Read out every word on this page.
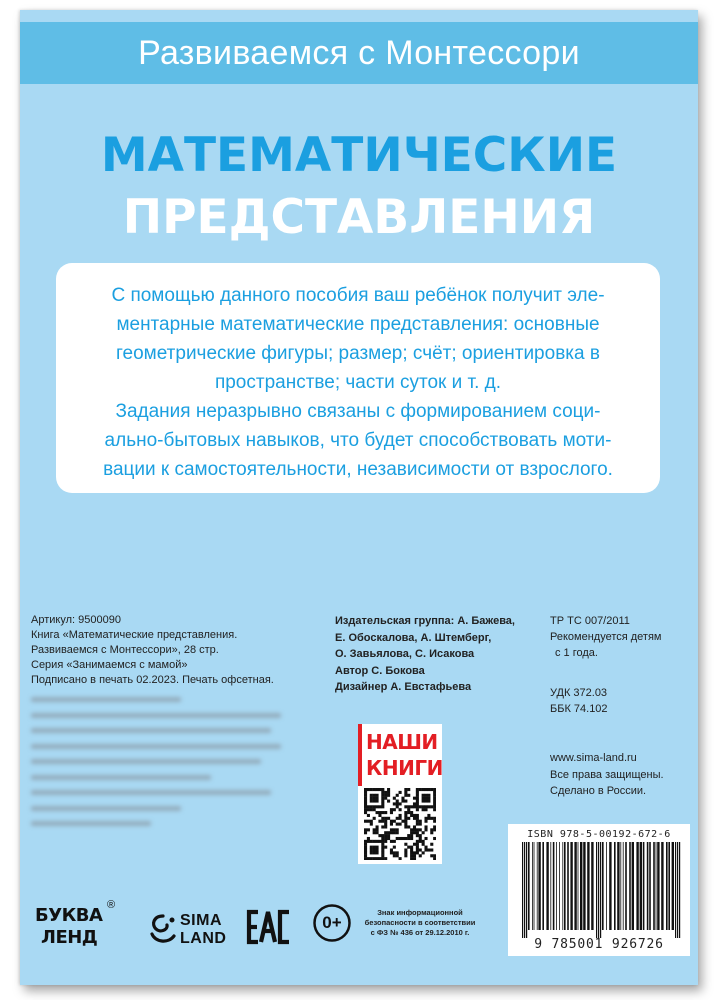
Развиваемся с Монтессори
МАТЕМАТИЧЕСКИЕ
ПРЕДСТАВЛЕНИЯ
С помощью данного пособия ваш ребёнок получит эле-
ментарные математические представления: основные
геометрические фигуры; размер; счёт; ориентировка в
пространстве; части суток и т. д.
Задания неразрывно связаны с формированием соци-
ально-бытовых навыков, что будет способствовать моти-
вации к самостоятельности, независимости от взрослого.
Артикул: 9500090
Книга «Математические представления.
Развиваемся с Монтессори», 28 стр.
Серия «Занимаемся с мамой»
Подписано в печать 02.2023. Печать офсетная.
Издательская группа: А. Бажева,
Е. Обоскалова, А. Штемберг,
О. Завьялова, С. Исакова
Автор С. Бокова
Дизайнер А. Евстафьева
ТР ТС 007/2011
Рекомендуется детям
с 1 года.
УДК 372.03
ББК 74.102
www.sima-land.ru
Все права защищены.
Сделано в России.
НАШИ
КНИГИ
ISBN 978-5-00192-672-6
9 785001 926726
БУКВА ®
ЛЕНД
SIMA
LAND
0+
Знак информационной
безопасности в соответствии
с ФЗ № 436 от 29.12.2010 г.
